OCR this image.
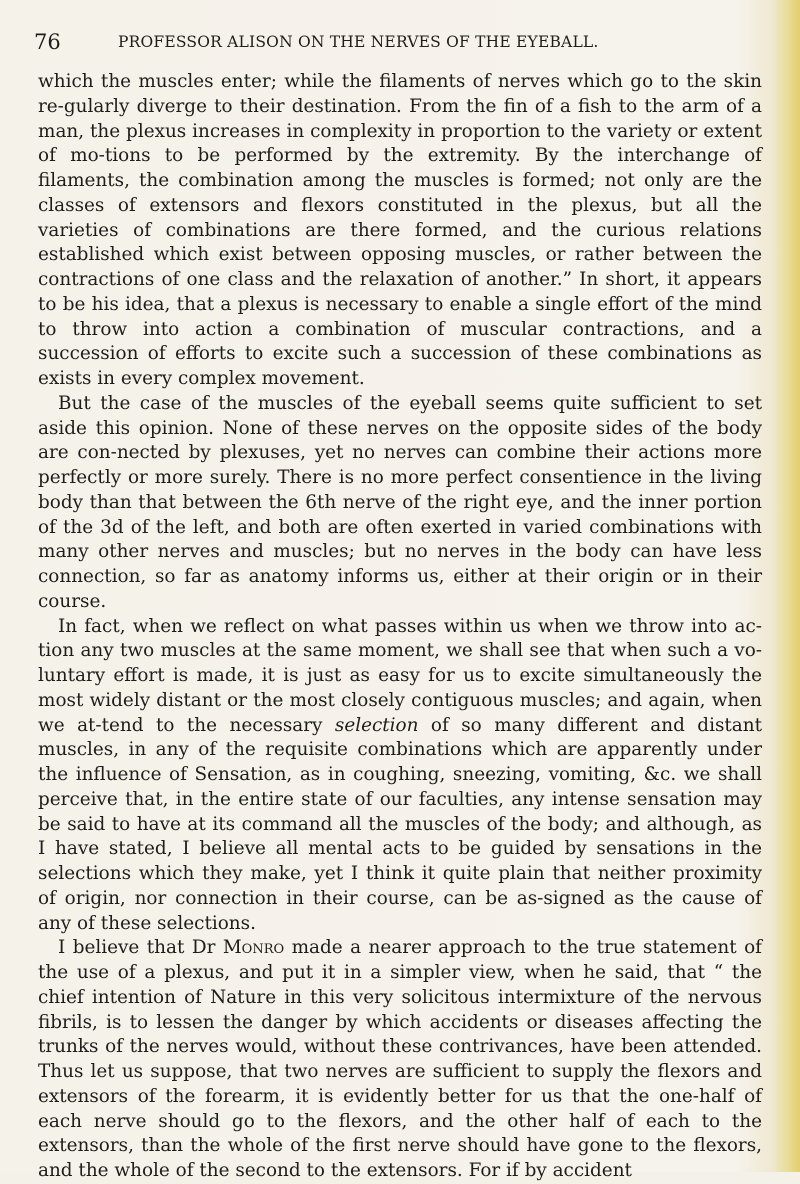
76	PROFESSOR ALISON ON THE NERVES OF THE EYEBALL.

which the muscles enter; while the filaments of nerves which go to the skin re-gularly diverge to their destination. From the fin of a fish to the arm of a man, the plexus increases in complexity in proportion to the variety or extent of mo-tions to be performed by the extremity. By the interchange of filaments, the combination among the muscles is formed; not only are the classes of extensors and flexors constituted in the plexus, but all the varieties of combinations are there formed, and the curious relations established which exist between opposing muscles, or rather between the contractions of one class and the relaxation of another.” In short, it appears to be his idea, that a plexus is necessary to enable a single effort of the mind to throw into action a combination of muscular contractions, and a succession of efforts to excite such a succession of these combinations as exists in every complex movement.

But the case of the muscles of the eyeball seems quite sufficient to set aside this opinion. None of these nerves on the opposite sides of the body are con-nected by plexuses, yet no nerves can combine their actions more perfectly or more surely. There is no more perfect consentience in the living body than that between the 6th nerve of the right eye, and the inner portion of the 3d of the left, and both are often exerted in varied combinations with many other nerves and muscles; but no nerves in the body can have less connection, so far as anatomy informs us, either at their origin or in their course.

In fact, when we reflect on what passes within us when we throw into ac-tion any two muscles at the same moment, we shall see that when such a vo-luntary effort is made, it is just as easy for us to excite simultaneously the most widely distant or the most closely contiguous muscles; and again, when we at-tend to the necessary selection of so many different and distant muscles, in any of the requisite combinations which are apparently under the influence of Sensation, as in coughing, sneezing, vomiting, &c. we shall perceive that, in the entire state of our faculties, any intense sensation may be said to have at its command all the muscles of the body; and although, as I have stated, I believe all mental acts to be guided by sensations in the selections which they make, yet I think it quite plain that neither proximity of origin, nor connection in their course, can be as-signed as the cause of any of these selections.

I believe that Dr Monro made a nearer approach to the true statement of the use of a plexus, and put it in a simpler view, when he said, that “ the chief intention of Nature in this very solicitous intermixture of the nervous fibrils, is to lessen the danger by which accidents or diseases affecting the trunks of the nerves would, without these contrivances, have been attended. Thus let us suppose, that two nerves are sufficient to supply the flexors and extensors of the forearm, it is evidently better for us that the one-half of each nerve should go to the flexors, and the other half of each to the extensors, than the whole of the first nerve should have gone to the flexors, and the whole of the second to the extensors. For if by accident
